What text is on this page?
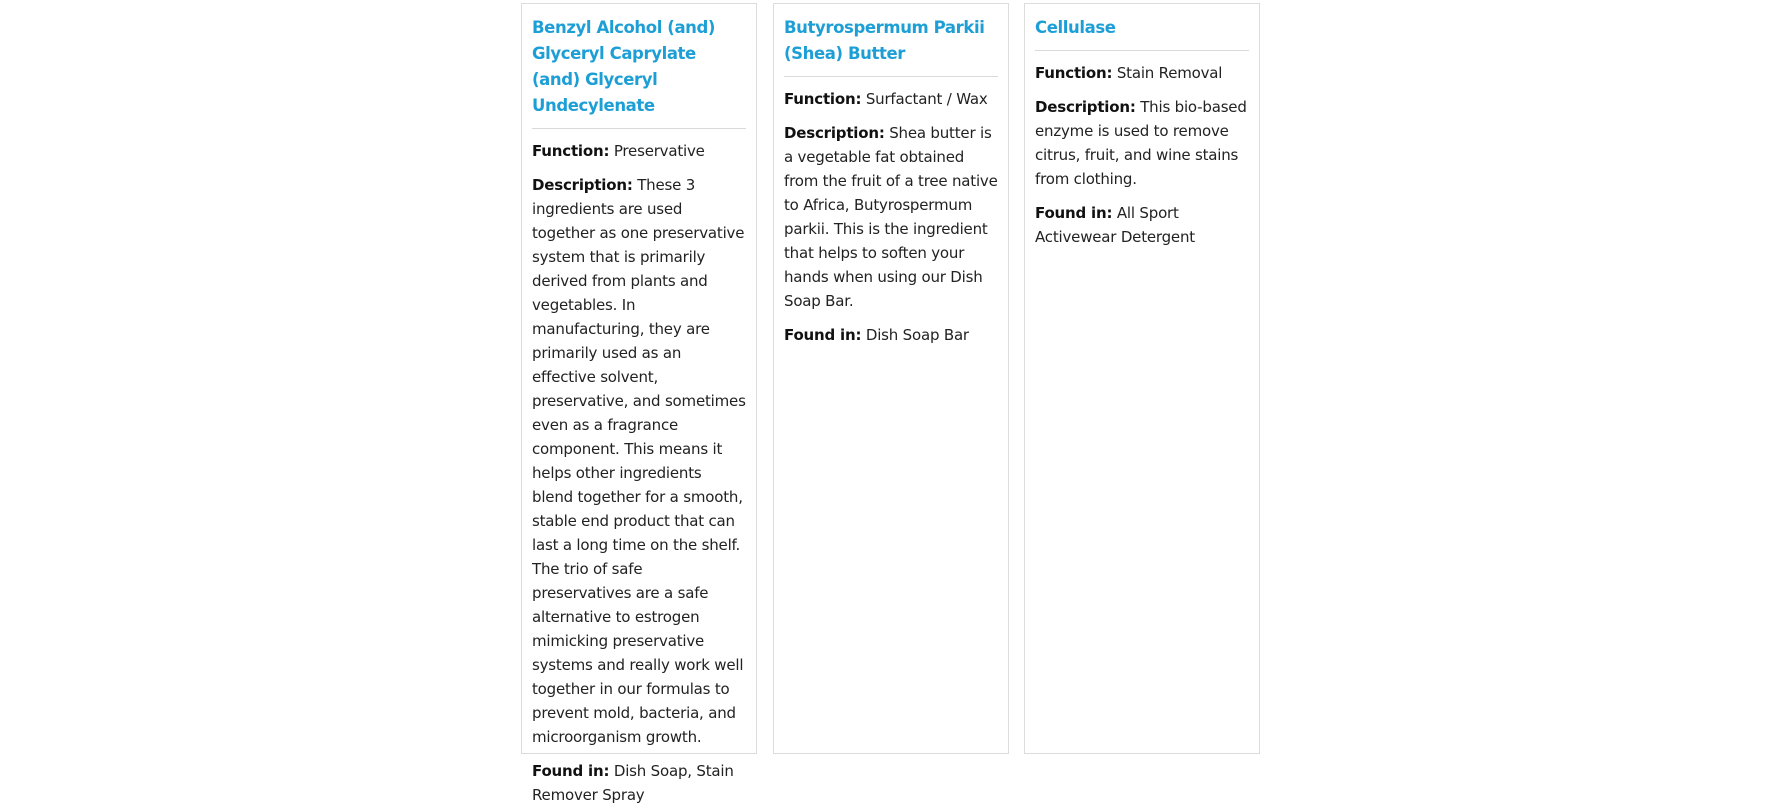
Benzyl Alcohol (and) Glyceryl Caprylate (and) Glyceryl Undecylenate

Function: Preservative

Description: These 3 ingredients are used together as one preservative system that is primarily derived from plants and vegetables. In manufacturing, they are primarily used as an effective solvent, preservative, and sometimes even as a fragrance component. This means it helps other ingredients blend together for a smooth, stable end product that can last a long time on the shelf. The trio of safe preservatives are a safe alternative to estrogen mimicking preservative systems and really work well together in our formulas to prevent mold, bacteria, and microorganism growth.

Found in: Dish Soap, Stain Remover Spray

Butyrospermum Parkii (Shea) Butter

Function: Surfactant / Wax

Description: Shea butter is a vegetable fat obtained from the fruit of a tree native to Africa, Butyrospermum parkii. This is the ingredient that helps to soften your hands when using our Dish Soap Bar.

Found in: Dish Soap Bar

Cellulase

Function: Stain Removal

Description: This bio-based enzyme is used to remove citrus, fruit, and wine stains from clothing.

Found in: All Sport Activewear Detergent
